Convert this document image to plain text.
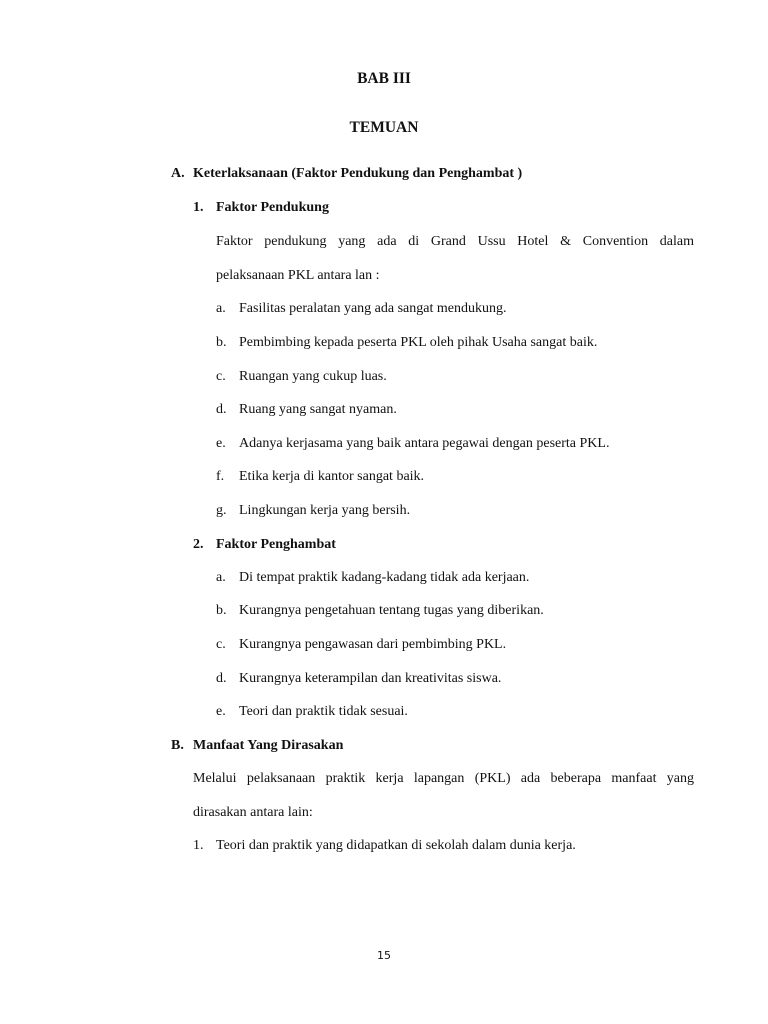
BAB III
TEMUAN
A. Keterlaksanaan (Faktor Pendukung dan Penghambat )
1. Faktor Pendukung
Faktor pendukung yang ada di Grand Ussu Hotel & Convention dalam
pelaksanaan PKL antara lan :
a. Fasilitas peralatan yang ada sangat mendukung.
b. Pembimbing kepada peserta PKL oleh pihak Usaha sangat baik.
c. Ruangan yang cukup luas.
d. Ruang yang sangat nyaman.
e. Adanya kerjasama yang baik antara pegawai dengan peserta PKL.
f. Etika kerja di kantor sangat baik.
g. Lingkungan kerja yang bersih.
2. Faktor Penghambat
a. Di tempat praktik kadang-kadang tidak ada kerjaan.
b. Kurangnya pengetahuan tentang tugas yang diberikan.
c. Kurangnya pengawasan dari pembimbing PKL.
d. Kurangnya keterampilan dan kreativitas siswa.
e. Teori dan praktik tidak sesuai.
B. Manfaat Yang Dirasakan
Melalui pelaksanaan praktik kerja lapangan (PKL) ada beberapa manfaat yang
dirasakan antara lain:
1. Teori dan praktik yang didapatkan di sekolah dalam dunia kerja.
15
